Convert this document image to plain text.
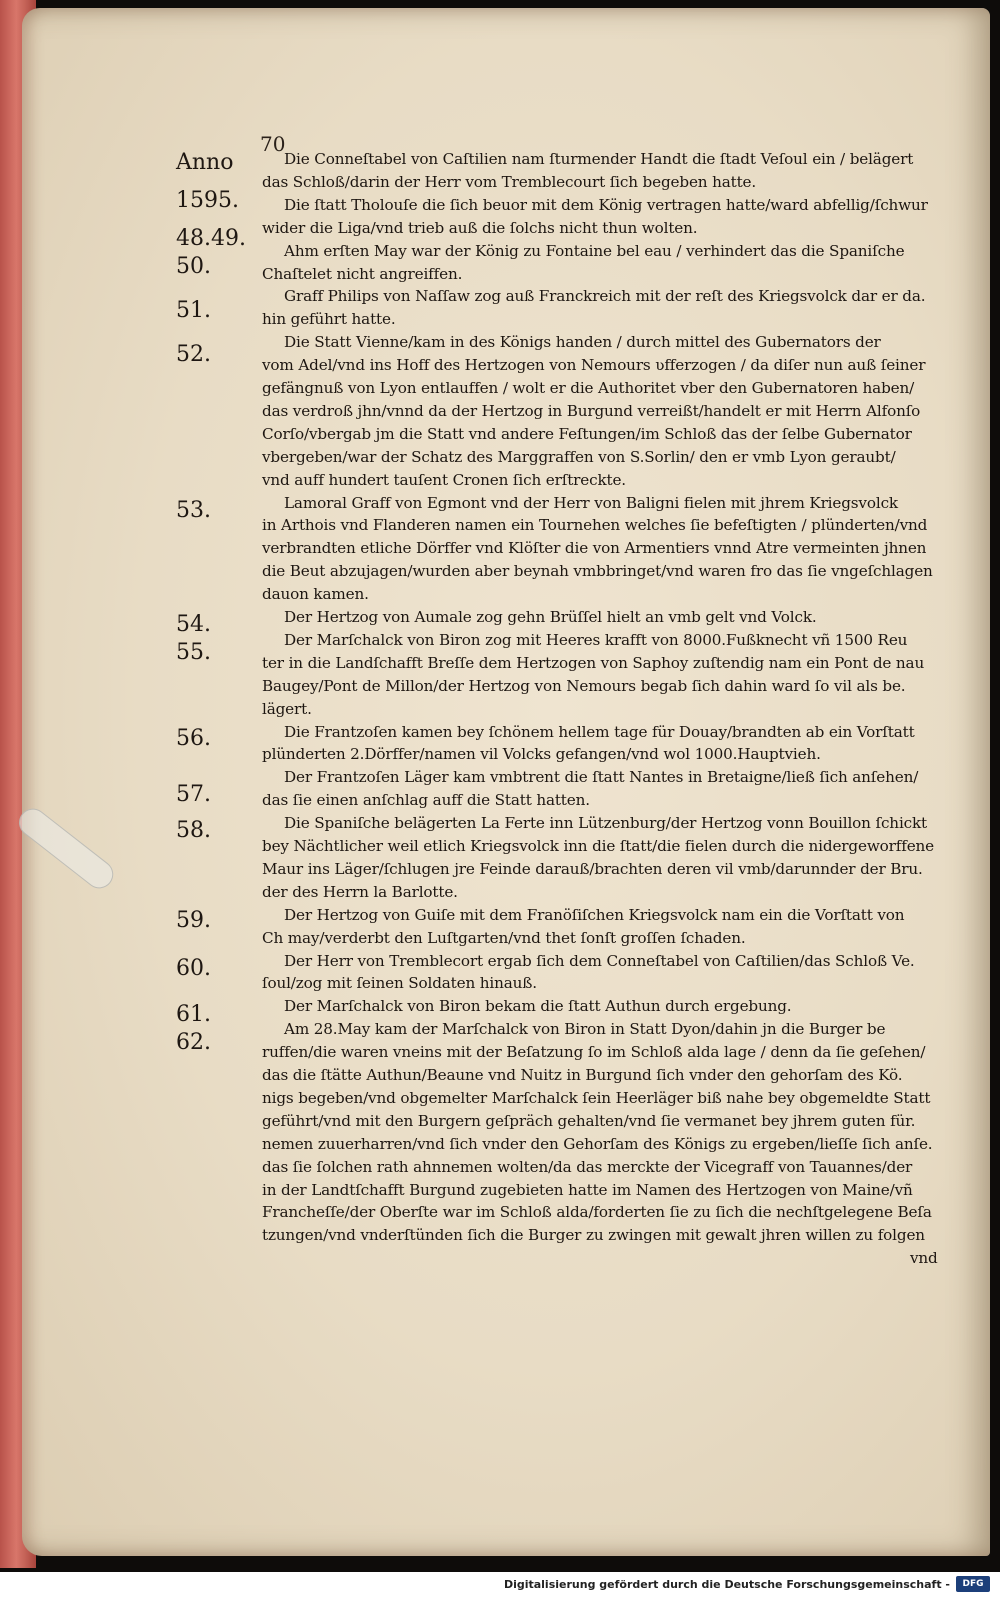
70
Anno
1595.
48.49.
50.
51.
52.
53.
54.
55.
56.
57.
58.
59.
60.
61.
62.
Die Conneſtabel von Caſtilien nam ſturmender Handt die ſtadt Veſoul ein / belägert
das Schloß/darin der Herr vom Tremblecourt ſich begeben hatte.
Die ſtatt Tholouſe die ſich beuor mit dem König vertragen hatte/ward abfellig/ſchwur
wider die Liga/vnd trieb auß die ſolchs nicht thun wolten.
Ahm erſten May war der König zu Fontaine bel eau / verhindert das die Spaniſche
Chaſtelet nicht angreiffen.
Graff Philips von Naſſaw zog auß Franckreich mit der reſt des Kriegsvolck dar er da.
hin geführt hatte.
Die Statt Vienne/kam in des Königs handen / durch mittel des Gubernators der
vom Adel/vnd ins Hoff des Hertzogen von Nemours ʋfferzogen / da diſer nun auß ſeiner
gefängnuß von Lyon entlauffen / wolt er die Authoritet vber den Gubernatoren haben/
das verdroß jhn/vnnd da der Hertzog in Burgund verreißt/handelt er mit Herrn Alfonſo
Corſo/vbergab jm die Statt vnd andere Feſtungen/im Schloß das der ſelbe Gubernator
vbergeben/war der Schatz des Marggraffen von S.Sorlin/ den er vmb Lyon geraubt/
vnd auff hundert tauſent Cronen ſich erſtreckte.
Lamoral Graff von Egmont vnd der Herr von Baligni fielen mit jhrem Kriegsvolck
in Arthois vnd Flanderen namen ein Tournehen welches ſie befeſtigten / plünderten/vnd
verbrandten etliche Dörffer vnd Klöſter die von Armentiers vnnd Atre vermeinten jhnen
die Beut abzujagen/wurden aber beynah vmbbringet/vnd waren fro das ſie vngeſchlagen
dauon kamen.
Der Hertzog von Aumale zog gehn Brüſſel hielt an vmb gelt vnd Volck.
Der Marſchalck von Biron zog mit Heeres krafft von 8000.Fußknecht vñ 1500 Reu
ter in die Landſchafft Breſſe dem Hertzogen von Saphoy zuſtendig nam ein Pont de nau
Baugey/Pont de Millon/der Hertzog von Nemours begab ſich dahin ward ſo vil als be.
lägert.
Die Frantzoſen kamen bey ſchönem hellem tage für Douay/brandten ab ein Vorſtatt
plünderten 2.Dörffer/namen vil Volcks gefangen/vnd wol 1000.Hauptvieh.
Der Frantzoſen Läger kam vmbtrent die ſtatt Nantes in Bretaigne/ließ ſich anſehen/
das ſie einen anſchlag auff die Statt hatten.
Die Spaniſche belägerten La Ferte inn Lützenburg/der Hertzog vonn Bouillon ſchickt
bey Nächtlicher weil etlich Kriegsvolck inn die ſtatt/die fielen durch die nidergeworffene
Maur ins Läger/ſchlugen jre Feinde darauß/brachten deren vil vmb/darunnder der Bru.
der des Herrn la Barlotte.
Der Hertzog von Guiſe mit dem Franöſiſchen Kriegsvolck nam ein die Vorſtatt von
Ch may/verderbt den Luſtgarten/vnd thet ſonſt groſſen ſchaden.
Der Herr von Tremblecort ergab ſich dem Conneſtabel von Caſtilien/das Schloß Ve.
ſoul/zog mit ſeinen Soldaten hinauß.
Der Marſchalck von Biron bekam die ſtatt Authun durch ergebung.
Am 28.May kam der Marſchalck von Biron in Statt Dyon/dahin jn die Burger be
ruffen/die waren vneins mit der Beſatzung ſo im Schloß alda lage / denn da ſie geſehen/
das die ſtätte Authun/Beaune vnd Nuitz in Burgund ſich vnder den gehorſam des Kö.
nigs begeben/vnd obgemelter Marſchalck ſein Heerläger biß nahe bey obgemeldte Statt
geführt/vnd mit den Burgern geſpräch gehalten/vnd ſie vermanet bey jhrem guten für.
nemen zuuerharren/vnd ſich vnder den Gehorſam des Königs zu ergeben/lieſſe ſich anſe.
das ſie ſolchen rath ahnnemen wolten/da das merckte der Vicegraff von Tauannes/der
in der Landtſchafft Burgund zugebieten hatte im Namen des Hertzogen von Maine/vñ
Francheſſe/der Oberſte war im Schloß alda/forderten ſie zu ſich die nechſtgelegene Beſa
tzungen/vnd vnderſtünden ſich die Burger zu zwingen mit gewalt jhren willen zu folgen
vnd
Digitalisierung gefördert durch die Deutsche Forschungsgemeinschaft -	DFG
